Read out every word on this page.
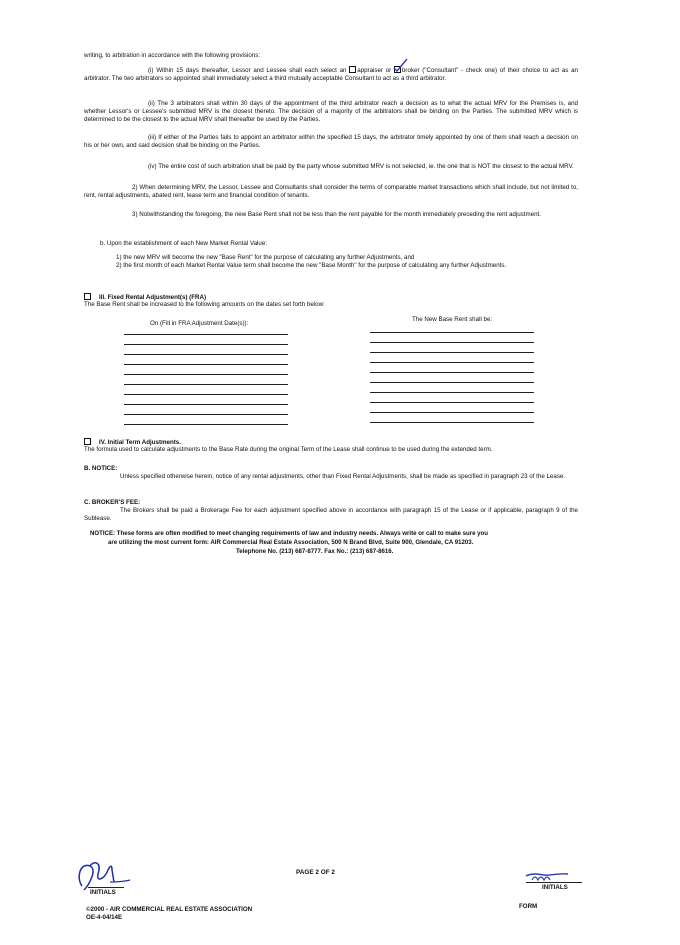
writing, to arbitration in accordance with the following provisions:
(i) Within 15 days thereafter, Lessor and Lessee shall each select an appraiser or broker ("Consultant" - check one) of their choice to act as an arbitrator. The two arbitrators so appointed shall immediately select a third mutually acceptable Consultant to act as a third arbitrator.
(ii) The 3 arbitrators shall within 30 days of the appointment of the third arbitrator reach a decision as to what the actual MRV for the Premises is, and whether Lessor's or Lessee's submitted MRV is the closest thereto. The decision of a majority of the arbitrators shall be binding on the Parties. The submitted MRV which is determined to be the closest to the actual MRV shall thereafter be used by the Parties.
(iii) If either of the Parties fails to appoint an arbitrator within the specified 15 days, the arbitrator timely appointed by one of them shall reach a decision on his or her own, and said decision shall be binding on the Parties.
(iv) The entire cost of such arbitration shall be paid by the party whose submitted MRV is not selected, ie. the one that is NOT the closest to the actual MRV.
2) When determining MRV, the Lessor, Lessee and Consultants shall consider the terms of comparable market transactions which shall include, but not limited to, rent, rental adjustments, abated rent, lease term and financial condition of tenants.
3) Notwithstanding the foregoing, the new Base Rent shall not be less than the rent payable for the month immediately preceding the rent adjustment.
b. Upon the establishment of each New Market Rental Value:
1) the new MRV will become the new "Base Rent" for the purpose of calculating any further Adjustments, and
2) the first month of each Market Rental Value term shall become the new "Base Month" for the purpose of calculating any further Adjustments.
III. Fixed Rental Adjustment(s) (FRA)
The Base Rent shall be increased to the following amounts on the dates set forth below:
On (Fill in FRA Adjustment Date(s)):
The New Base Rent shall be:
IV. Initial Term Adjustments.
The formula used to calculate adjustments to the Base Rate during the original Term of the Lease shall continue to be used during the extended term.
B. NOTICE:
Unless specified otherwise herein, notice of any rental adjustments, other than Fixed Rental Adjustments, shall be made as specified in paragraph 23 of the Lease.
C. BROKER'S FEE:
The Brokers shall be paid a Brokerage Fee for each adjustment specified above in accordance with paragraph 15 of the Lease or if applicable, paragraph 9 of the Sublease.
NOTICE: These forms are often modified to meet changing requirements of law and industry needs. Always write or call to make sure you
are utilizing the most current form: AIR Commercial Real Estate Association, 500 N Brand Blvd, Suite 900, Glendale, CA 91203.
Telephone No. (213) 687-8777. Fax No.: (213) 687-8616.
INITIALS
PAGE 2 OF 2
INITIALS
©2000 - AIR COMMERCIAL REAL ESTATE ASSOCIATION
OE-4-04/14E
FORM
